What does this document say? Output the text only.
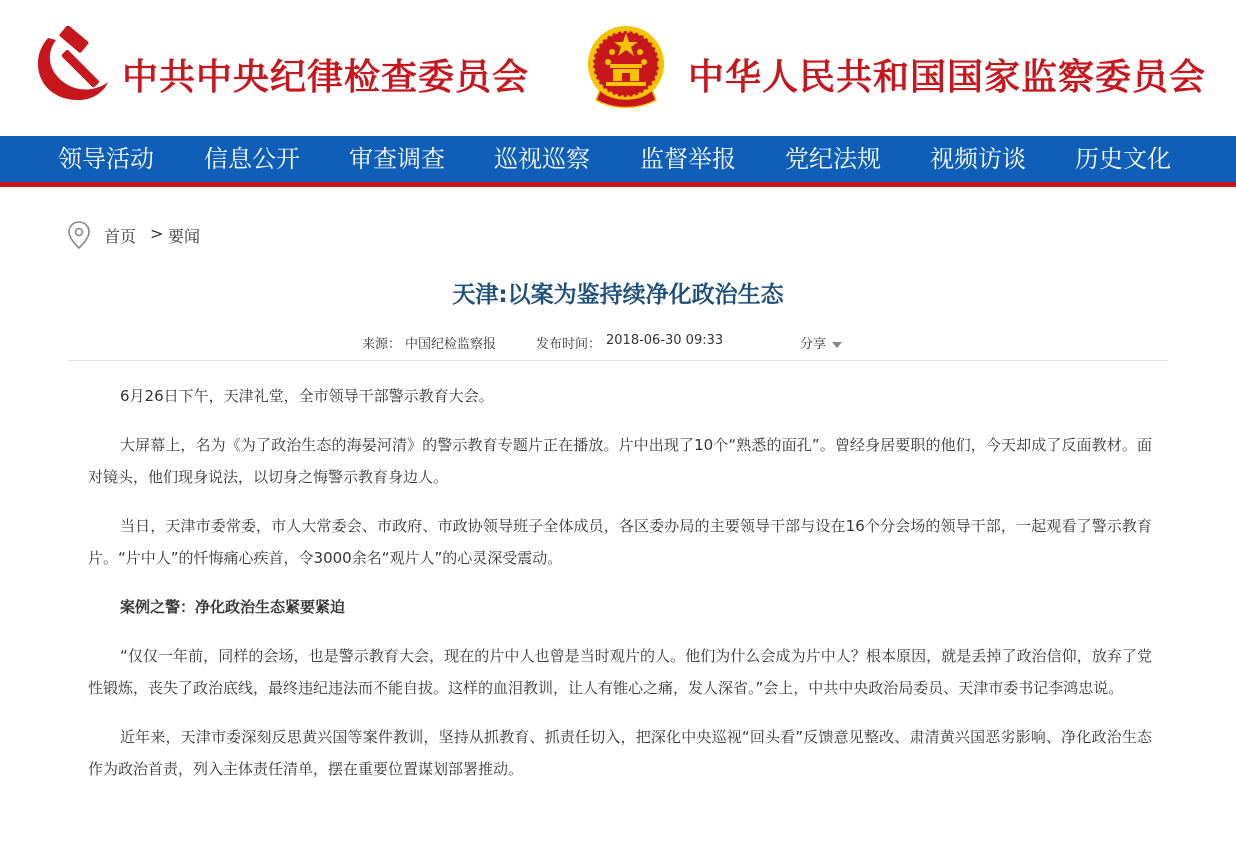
中共中央纪律检查委员会	中华人民共和国国家监察委员会
领导活动 信息公开 审查调查 巡视巡察 监督举报 党纪法规 视频访谈 历史文化
首页 > 要闻
天津:以案为鉴持续净化政治生态
来源： 中国纪检监察报	发布时间： 2018-06-30 09:33	分享

6月26日下午，天津礼堂，全市领导干部警示教育大会。

大屏幕上，名为《为了政治生态的海晏河清》的警示教育专题片正在播放。片中出现了10个“熟悉的面孔”。曾经身居要职的他们，今天却成了反面教材。面对镜头，他们现身说法，以切身之悔警示教育身边人。

当日，天津市委常委，市人大常委会、市政府、市政协领导班子全体成员，各区委办局的主要领导干部与设在16个分会场的领导干部，一起观看了警示教育片。“片中人”的忏悔痛心疾首，令3000余名“观片人”的心灵深受震动。

案例之警：净化政治生态紧要紧迫

“仅仅一年前，同样的会场，也是警示教育大会，现在的片中人也曾是当时观片的人。他们为什么会成为片中人？根本原因，就是丢掉了政治信仰，放弃了党性锻炼，丧失了政治底线，最终违纪违法而不能自拔。这样的血泪教训，让人有锥心之痛，发人深省。”会上，中共中央政治局委员、天津市委书记李鸿忠说。

近年来，天津市委深刻反思黄兴国等案件教训，坚持从抓教育、抓责任切入，把深化中央巡视“回头看”反馈意见整改、肃清黄兴国恶劣影响、净化政治生态作为政治首责，列入主体责任清单，摆在重要位置谋划部署推动。
